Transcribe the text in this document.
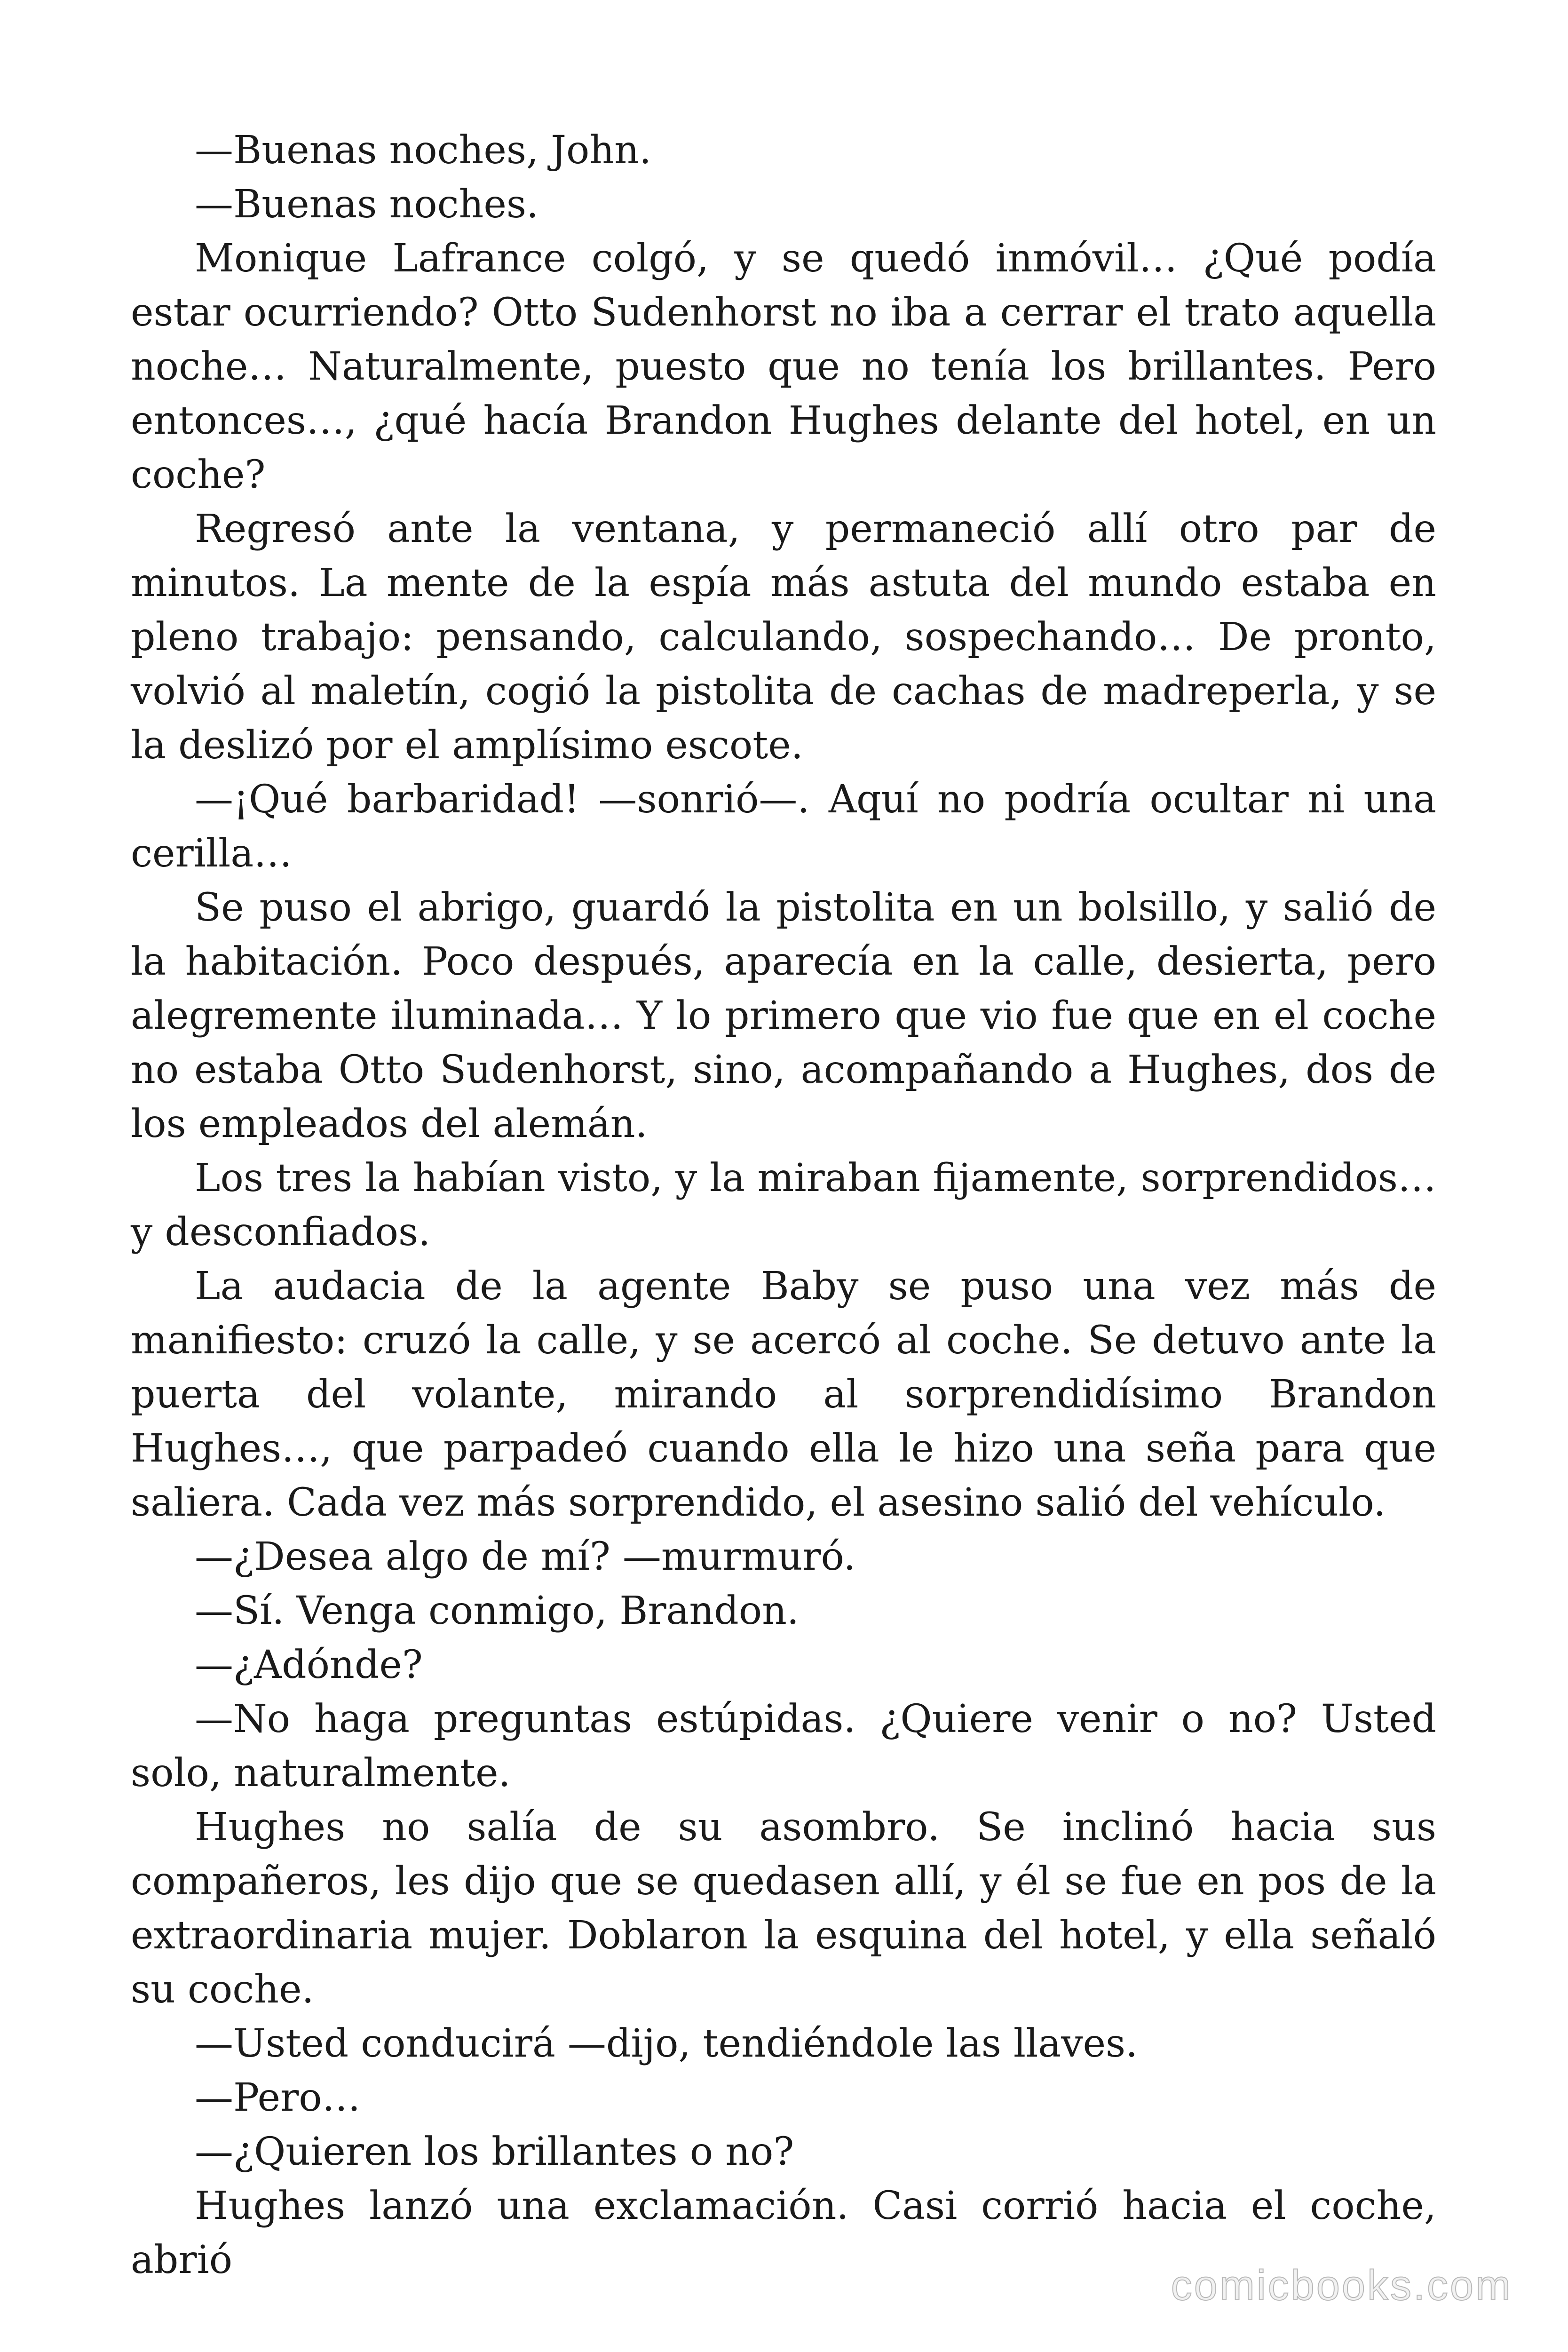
—Buenas noches, John.

—Buenas noches.

Monique Lafrance colgó, y se quedó inmóvil… ¿Qué podía estar ocurriendo? Otto Sudenhorst no iba a cerrar el trato aquella noche… Naturalmente, puesto que no tenía los brillantes. Pero entonces…, ¿qué hacía Brandon Hughes delante del hotel, en un coche?

Regresó ante la ventana, y permaneció allí otro par de minutos. La mente de la espía más astuta del mundo estaba en pleno trabajo: pensando, calculando, sospechando… De pronto, volvió al maletín, cogió la pistolita de cachas de madreperla, y se la deslizó por el amplísimo escote.

—¡Qué barbaridad! —sonrió—. Aquí no podría ocultar ni una cerilla…

Se puso el abrigo, guardó la pistolita en un bolsillo, y salió de la habitación. Poco después, aparecía en la calle, desierta, pero alegremente iluminada… Y lo primero que vio fue que en el coche no estaba Otto Sudenhorst, sino, acompañando a Hughes, dos de los empleados del alemán.

Los tres la habían visto, y la miraban fijamente, sorprendidos… y desconfiados.

La audacia de la agente Baby se puso una vez más de manifiesto: cruzó la calle, y se acercó al coche. Se detuvo ante la puerta del volante, mirando al sorprendidísimo Brandon Hughes…, que parpadeó cuando ella le hizo una seña para que saliera. Cada vez más sorprendido, el asesino salió del vehículo.

—¿Desea algo de mí? —murmuró.

—Sí. Venga conmigo, Brandon.

—¿Adónde?

—No haga preguntas estúpidas. ¿Quiere venir o no? Usted solo, naturalmente.

Hughes no salía de su asombro. Se inclinó hacia sus compañeros, les dijo que se quedasen allí, y él se fue en pos de la extraordinaria mujer. Doblaron la esquina del hotel, y ella señaló su coche.

—Usted conducirá —dijo, tendiéndole las llaves.

—Pero…

—¿Quieren los brillantes o no?

Hughes lanzó una exclamación. Casi corrió hacia el coche, abrió

comicbooks.com
